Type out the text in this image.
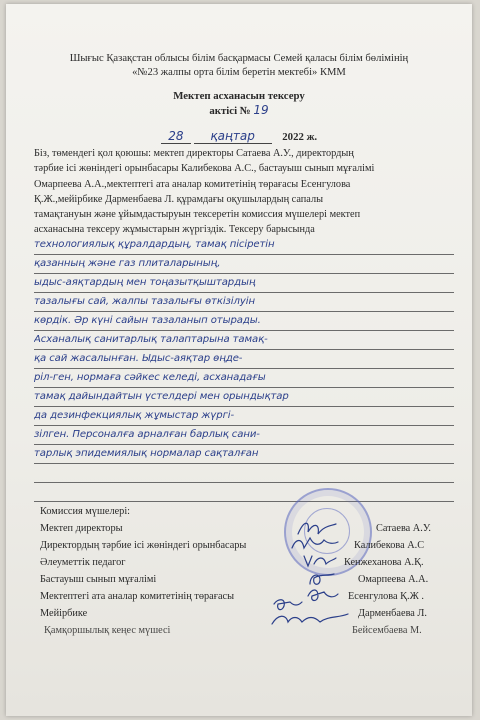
Шығыс Қазақстан облысы білім басқармасы Семей қаласы білім бөлімінің
«№23 жалпы орта білім беретін мектебі» КММ
Мектеп асханасын тексеру
актісі № 19
28 қаңтар	2022 ж.
Біз, төмендегі қол қоюшы: мектеп директоры Сатаева А.У., директордың
тәрбие ісі жөніндегі орынбасары Калибекова А.С., бастауыш сынып мұғалімі
Омарпеева А.А.,мектептегі ата аналар комитетінің төрағасы Есенгулова
Қ.Ж.,мейірбике Дарменбаева Л. құрамдағы оқушылардың сапалы
тамақтануын және ұйымдастыруын тексеретін комиссия мүшелері мектеп
асханасына тексеру жұмыстарын жүргіздік. Тексеру барысында
технологиялық құралдардың, тамақ пісіретін
қазанның және газ плиталарының,
ыдыс-аяқтардың мен тоңазытқыштардың
тазалығы сай, жалпы тазалығы өткізілуін
көрдік. Әр күні сайын тазаланып отырады.
Асханалық санитарлық талаптарына тамақ-
қа сай жасалынған. Ыдыс-аяқтар өңде-
ріл-ген, нормаға сәйкес келеді, асханадағы
тамақ дайындайтын үстелдері мен орындықтар
да дезинфекциялық жұмыстар жүргі-
зілген. Персоналға арналған барлық сани-
тарлық эпидемиялық нормалар сақталған
Комиссия мүшелері:
Мектеп директоры	Сатаева А.У.
Директордың тәрбие ісі жөніндегі орынбасары	Калибекова А.С
Әлеуметтік педагог	Кенжеханова А.Қ.
Бастауыш сынып мұғалімі	Омарпеева А.А.
Мектептегі ата аналар комитетінің төрағасы	Есенгулова Қ.Ж .
Мейірбике	Дарменбаева Л.
Қамқоршылық кеңес мүшесі	Бейсембаева М.
